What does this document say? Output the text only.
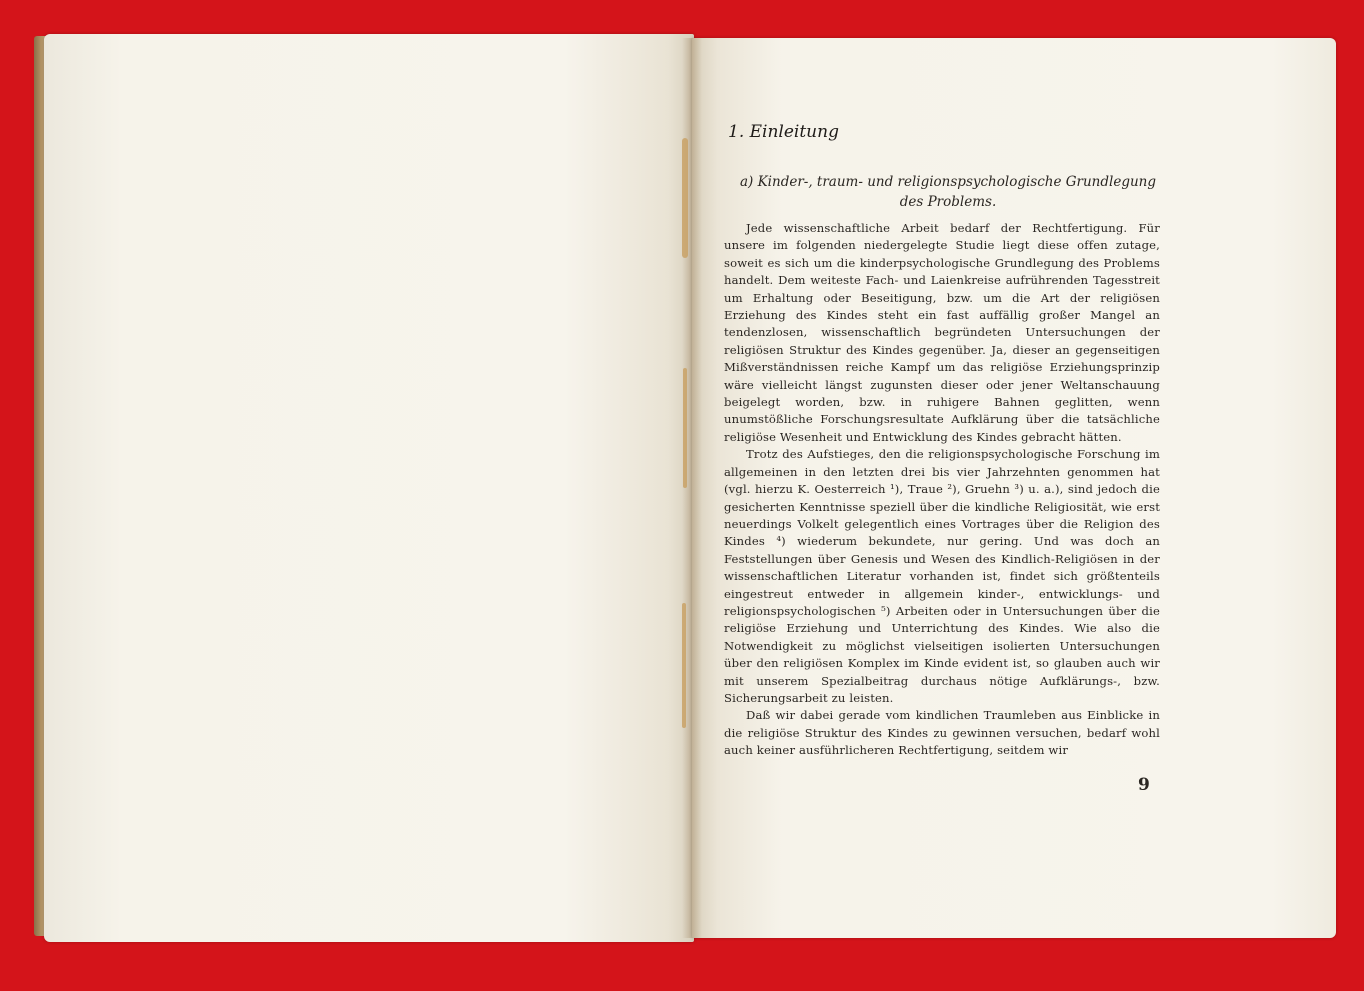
1. Einleitung
a) Kinder-, traum- und religionspsychologische Grundlegung
des Problems.

Jede wissenschaftliche Arbeit bedarf der Rechtfertigung. Für unsere im folgenden niedergelegte Studie liegt diese offen zutage, soweit es sich um die kinderpsychologische Grundlegung des Problems handelt. Dem weiteste Fach- und Laienkreise aufrührenden Tagesstreit um Erhaltung oder Beseitigung, bzw. um die Art der religiösen Erziehung des Kindes steht ein fast auffällig großer Mangel an tendenzlosen, wissenschaftlich begründeten Untersuchungen der religiösen Struktur des Kindes gegenüber. Ja, dieser an gegenseitigen Mißverständnissen reiche Kampf um das religiöse Erziehungsprinzip wäre vielleicht längst zugunsten dieser oder jener Weltanschauung beigelegt worden, bzw. in ruhigere Bahnen geglitten, wenn unumstößliche Forschungsresultate Aufklärung über die tatsächliche religiöse Wesenheit und Entwicklung des Kindes gebracht hätten.

Trotz des Aufstieges, den die religionspsychologische Forschung im allgemeinen in den letzten drei bis vier Jahrzehnten genommen hat (vgl. hierzu K. Oesterreich ¹), Traue ²), Gruehn ³) u. a.), sind jedoch die gesicherten Kenntnisse speziell über die kindliche Religiosität, wie erst neuerdings Volkelt gelegentlich eines Vortrages über die Religion des Kindes ⁴) wiederum bekundete, nur gering. Und was doch an Feststellungen über Genesis und Wesen des Kindlich-Religiösen in der wissenschaftlichen Literatur vorhanden ist, findet sich größtenteils eingestreut entweder in allgemein kinder-, entwicklungs- und religionspsychologischen ⁵) Arbeiten oder in Untersuchungen über die religiöse Erziehung und Unterrichtung des Kindes. Wie also die Notwendigkeit zu möglichst vielseitigen isolierten Untersuchungen über den religiösen Komplex im Kinde evident ist, so glauben auch wir mit unserem Spezialbeitrag durchaus nötige Aufklärungs-, bzw. Sicherungsarbeit zu leisten.

Daß wir dabei gerade vom kindlichen Traumleben aus Einblicke in die religiöse Struktur des Kindes zu gewinnen versuchen, bedarf wohl auch keiner ausführlicheren Rechtfertigung, seitdem wir

9
